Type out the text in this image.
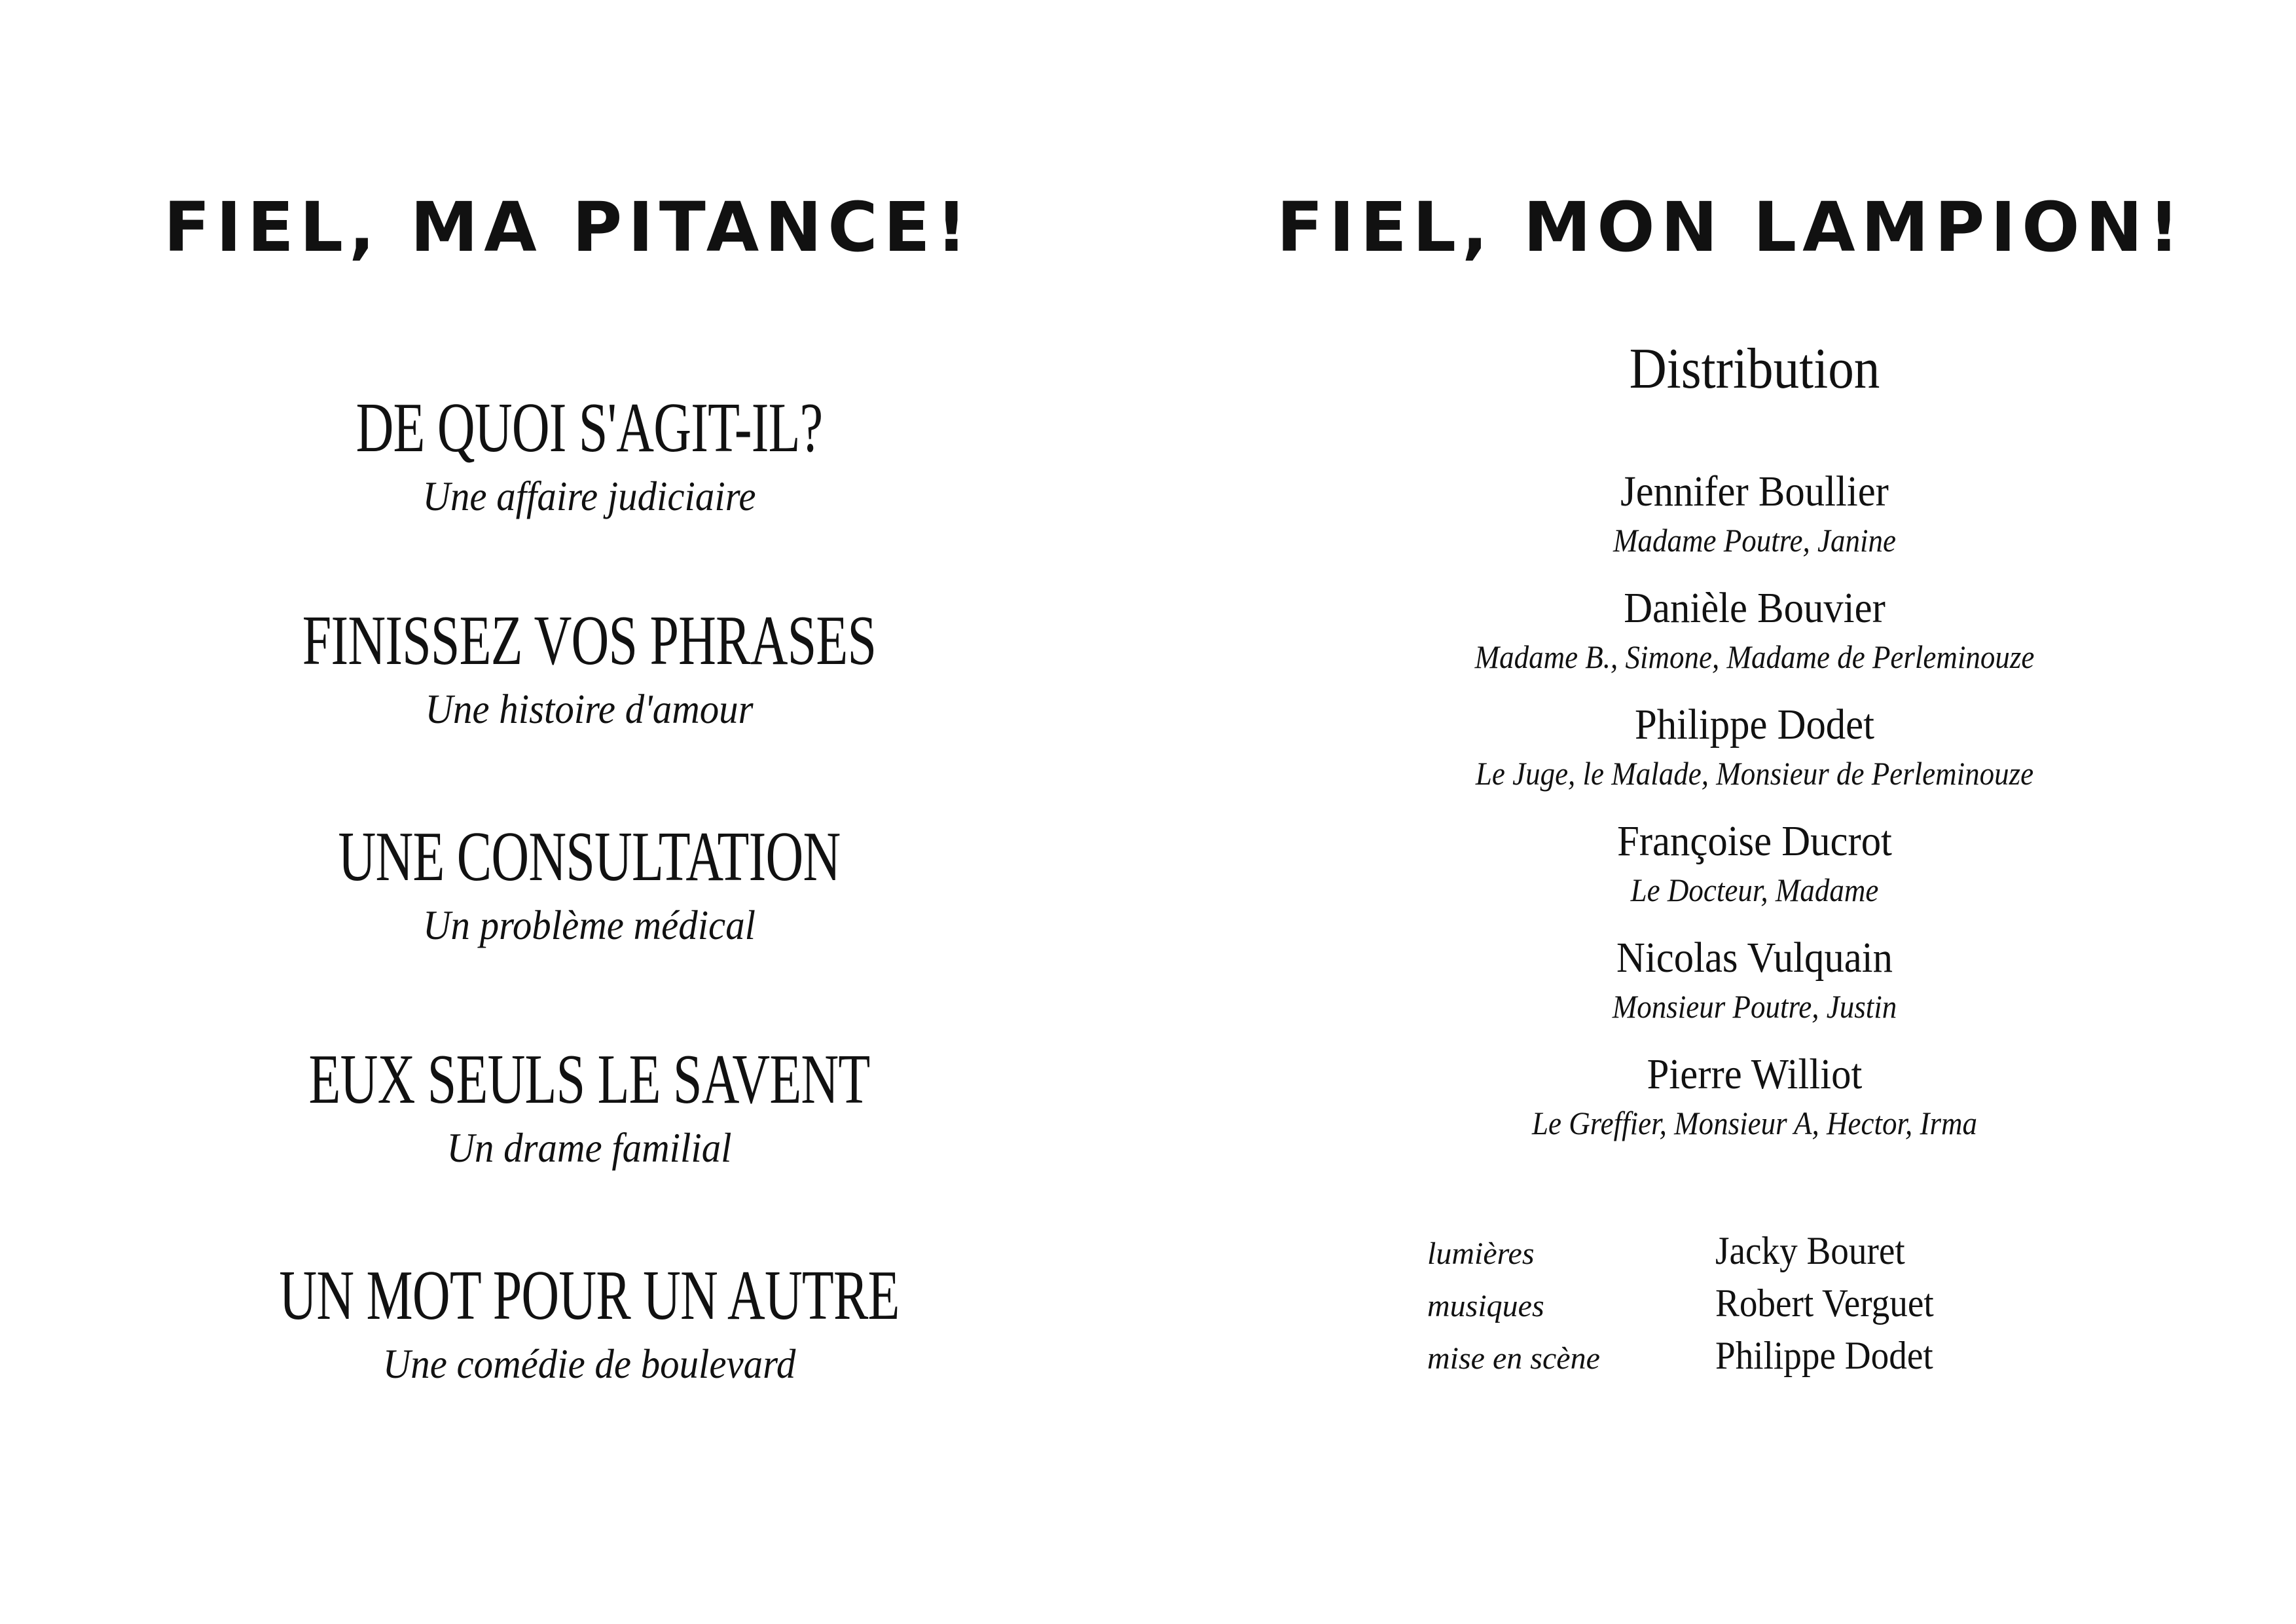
FIEL, MA PITANCE!
DE QUOI S'AGIT-IL?
Une affaire judiciaire
FINISSEZ VOS PHRASES
Une histoire d'amour
UNE CONSULTATION
Un problème médical
EUX SEULS LE SAVENT
Un drame familial
UN MOT POUR UN AUTRE
Une comédie de boulevard
FIEL, MON LAMPION!
Distribution
Jennifer Boullier
Madame Poutre, Janine
Danièle Bouvier
Madame B., Simone, Madame de Perleminouze
Philippe Dodet
Le Juge, le Malade, Monsieur de Perleminouze
Françoise Ducrot
Le Docteur, Madame
Nicolas Vulquain
Monsieur Poutre, Justin
Pierre Williot
Le Greffier, Monsieur A, Hector, Irma
lumières	Jacky Bouret
musiques	Robert Verguet
mise en scène	Philippe Dodet
